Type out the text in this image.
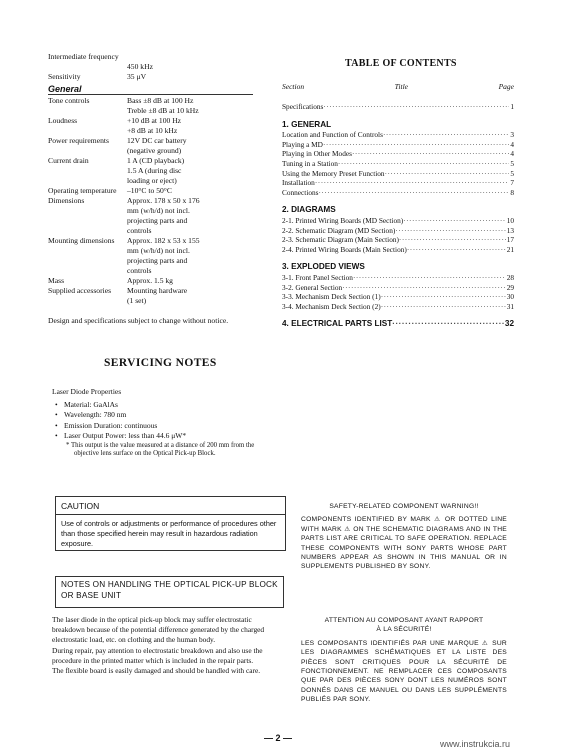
Intermediate frequency
450 kHz
Sensitivity	35 μV
General
Tone controls	Bass ±8 dB at 100 Hz
Treble ±8 dB at 10 kHz
Loudness	+10 dB at 100 Hz
+8 dB at 10 kHz
Power requirements	12V DC car battery
(negative ground)
Current drain	1 A (CD playback)
1.5 A (during disc
loading or eject)
Operating temperature	–10°C to 50°C
Dimensions	Approx. 178 x 50 x 176
mm (w/h/d) not incl.
projecting parts and
controls
Mounting dimensions	Approx. 182 x 53 x 155
mm (w/h/d) not incl.
projecting parts and
controls
Mass	Approx. 1.5 kg
Supplied accessories	Mounting hardware
(1 set)
Design and specifications subject to change without notice.
TABLE OF CONTENTS
Section	Title	Page
Specifications ·····	1
1. GENERAL
Location and Function of Controls ·····	3
Playing a MD ·····	4
Playing in Other Modes ·····	4
Tuning in a Station ·····	5
Using the Memory Preset Function ·····	5
Installation ·····	7
Connections ·····	8
2. DIAGRAMS
2-1. Printed Wiring Boards (MD Section) ·····	10
2-2. Schematic Diagram (MD Section) ·····	13
2-3. Schematic Diagram (Main Section) ·····	17
2-4. Printed Wiring Boards (Main Section) ·····	21
3. EXPLODED VIEWS
3-1. Front Panel Section ·····	28
3-2. General Section ·····	29
3-3. Mechanism Deck Section (1) ·····	30
3-4. Mechanism Deck Section (2) ·····	31
4. ELECTRICAL PARTS LIST ·····	32
SERVICING NOTES
Laser Diode Properties
• Material: GaAlAs
• Wavelength: 780 nm
• Emission Duration: continuous
• Laser Output Power: less than 44.6 μW*
* This output is the value measured at a distance of 200 mm from the objective lens surface on the Optical Pick-up Block.
CAUTION
Use of controls or adjustments or performance of procedures other than those specified herein may result in hazardous radiation exposure.
NOTES ON HANDLING THE OPTICAL PICK-UP BLOCK OR BASE UNIT
The laser diode in the optical pick-up block may suffer electrostatic breakdown because of the potential difference generated by the charged electrostatic load, etc. on clothing and the human body.
During repair, pay attention to electrostatic breakdown and also use the procedure in the printed matter which is included in the repair parts.
The flexible board is easily damaged and should be handled with care.
SAFETY-RELATED COMPONENT WARNING!!
COMPONENTS IDENTIFIED BY MARK ⚠ OR DOTTED LINE WITH MARK ⚠ ON THE SCHEMATIC DIAGRAMS AND IN THE PARTS LIST ARE CRITICAL TO SAFE OPERATION. REPLACE THESE COMPONENTS WITH SONY PARTS WHOSE PART NUMBERS APPEAR AS SHOWN IN THIS MANUAL OR IN SUPPLEMENTS PUBLISHED BY SONY.
ATTENTION AU COMPOSANT AYANT RAPPORT
À LA SÉCURITÉ!
LES COMPOSANTS IDENTIFIÉS PAR UNE MARQUE ⚠ SUR LES DIAGRAMMES SCHÉMATIQUES ET LA LISTE DES PIÈCES SONT CRITIQUES POUR LA SÉCURITÉ DE FONCTIONNEMENT. NE REMPLACER CES COMPOSANTS QUE PAR DES PIÈCES SONY DONT LES NUMÉROS SONT DONNÉS DANS CE MANUEL OU DANS LES SUPPLÉMENTS PUBLIÉS PAR SONY.
— 2 —
www.instrukcia.ru
